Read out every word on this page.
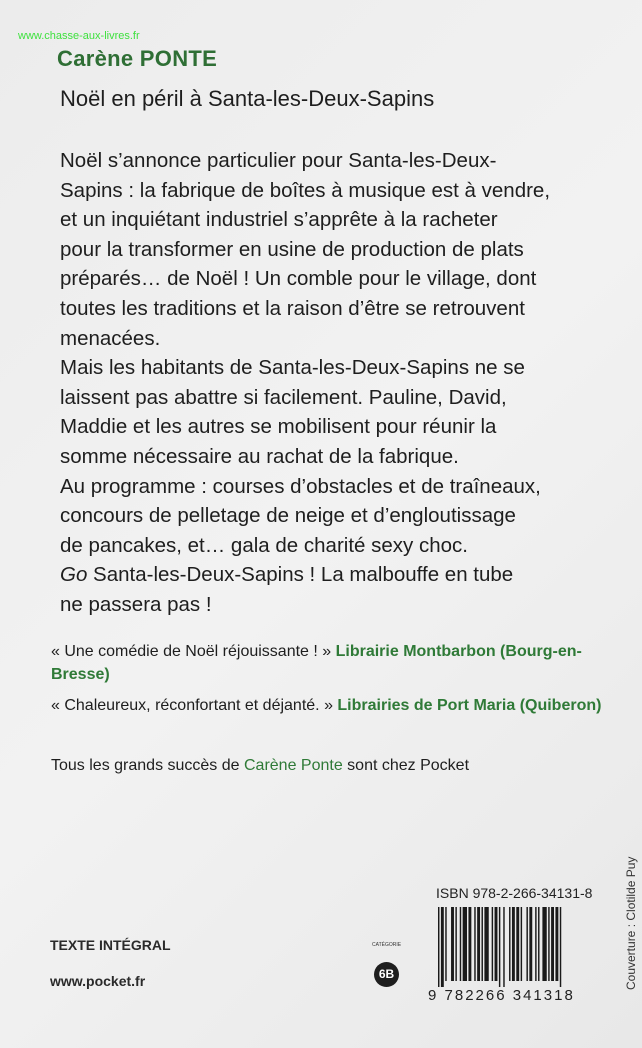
www.chasse-aux-livres.fr
Carène PONTE
Noël en péril à Santa-les-Deux-Sapins
Noël s’annonce particulier pour Santa-les-Deux-
Sapins : la fabrique de boîtes à musique est à vendre,
et un inquiétant industriel s’apprête à la racheter
pour la transformer en usine de production de plats
préparés… de Noël ! Un comble pour le village, dont
toutes les traditions et la raison d’être se retrouvent
menacées.
Mais les habitants de Santa-les-Deux-Sapins ne se
laissent pas abattre si facilement. Pauline, David,
Maddie et les autres se mobilisent pour réunir la
somme nécessaire au rachat de la fabrique.
Au programme : courses d’obstacles et de traîneaux,
concours de pelletage de neige et d’engloutissage
de pancakes, et… gala de charité sexy choc.
Go Santa-les-Deux-Sapins ! La malbouffe en tube
ne passera pas !
« Une comédie de Noël réjouissante ! » Librairie Montbarbon (Bourg-en-Bresse)
« Chaleureux, réconfortant et déjanté. » Librairies de Port Maria (Quiberon)
Tous les grands succès de Carène Ponte sont chez Pocket
TEXTE INTÉGRAL
www.pocket.fr
CATÉGORIE
6B
ISBN 978-2-266-34131-8
9 782266 341318
Couverture : Clotilde Puy
